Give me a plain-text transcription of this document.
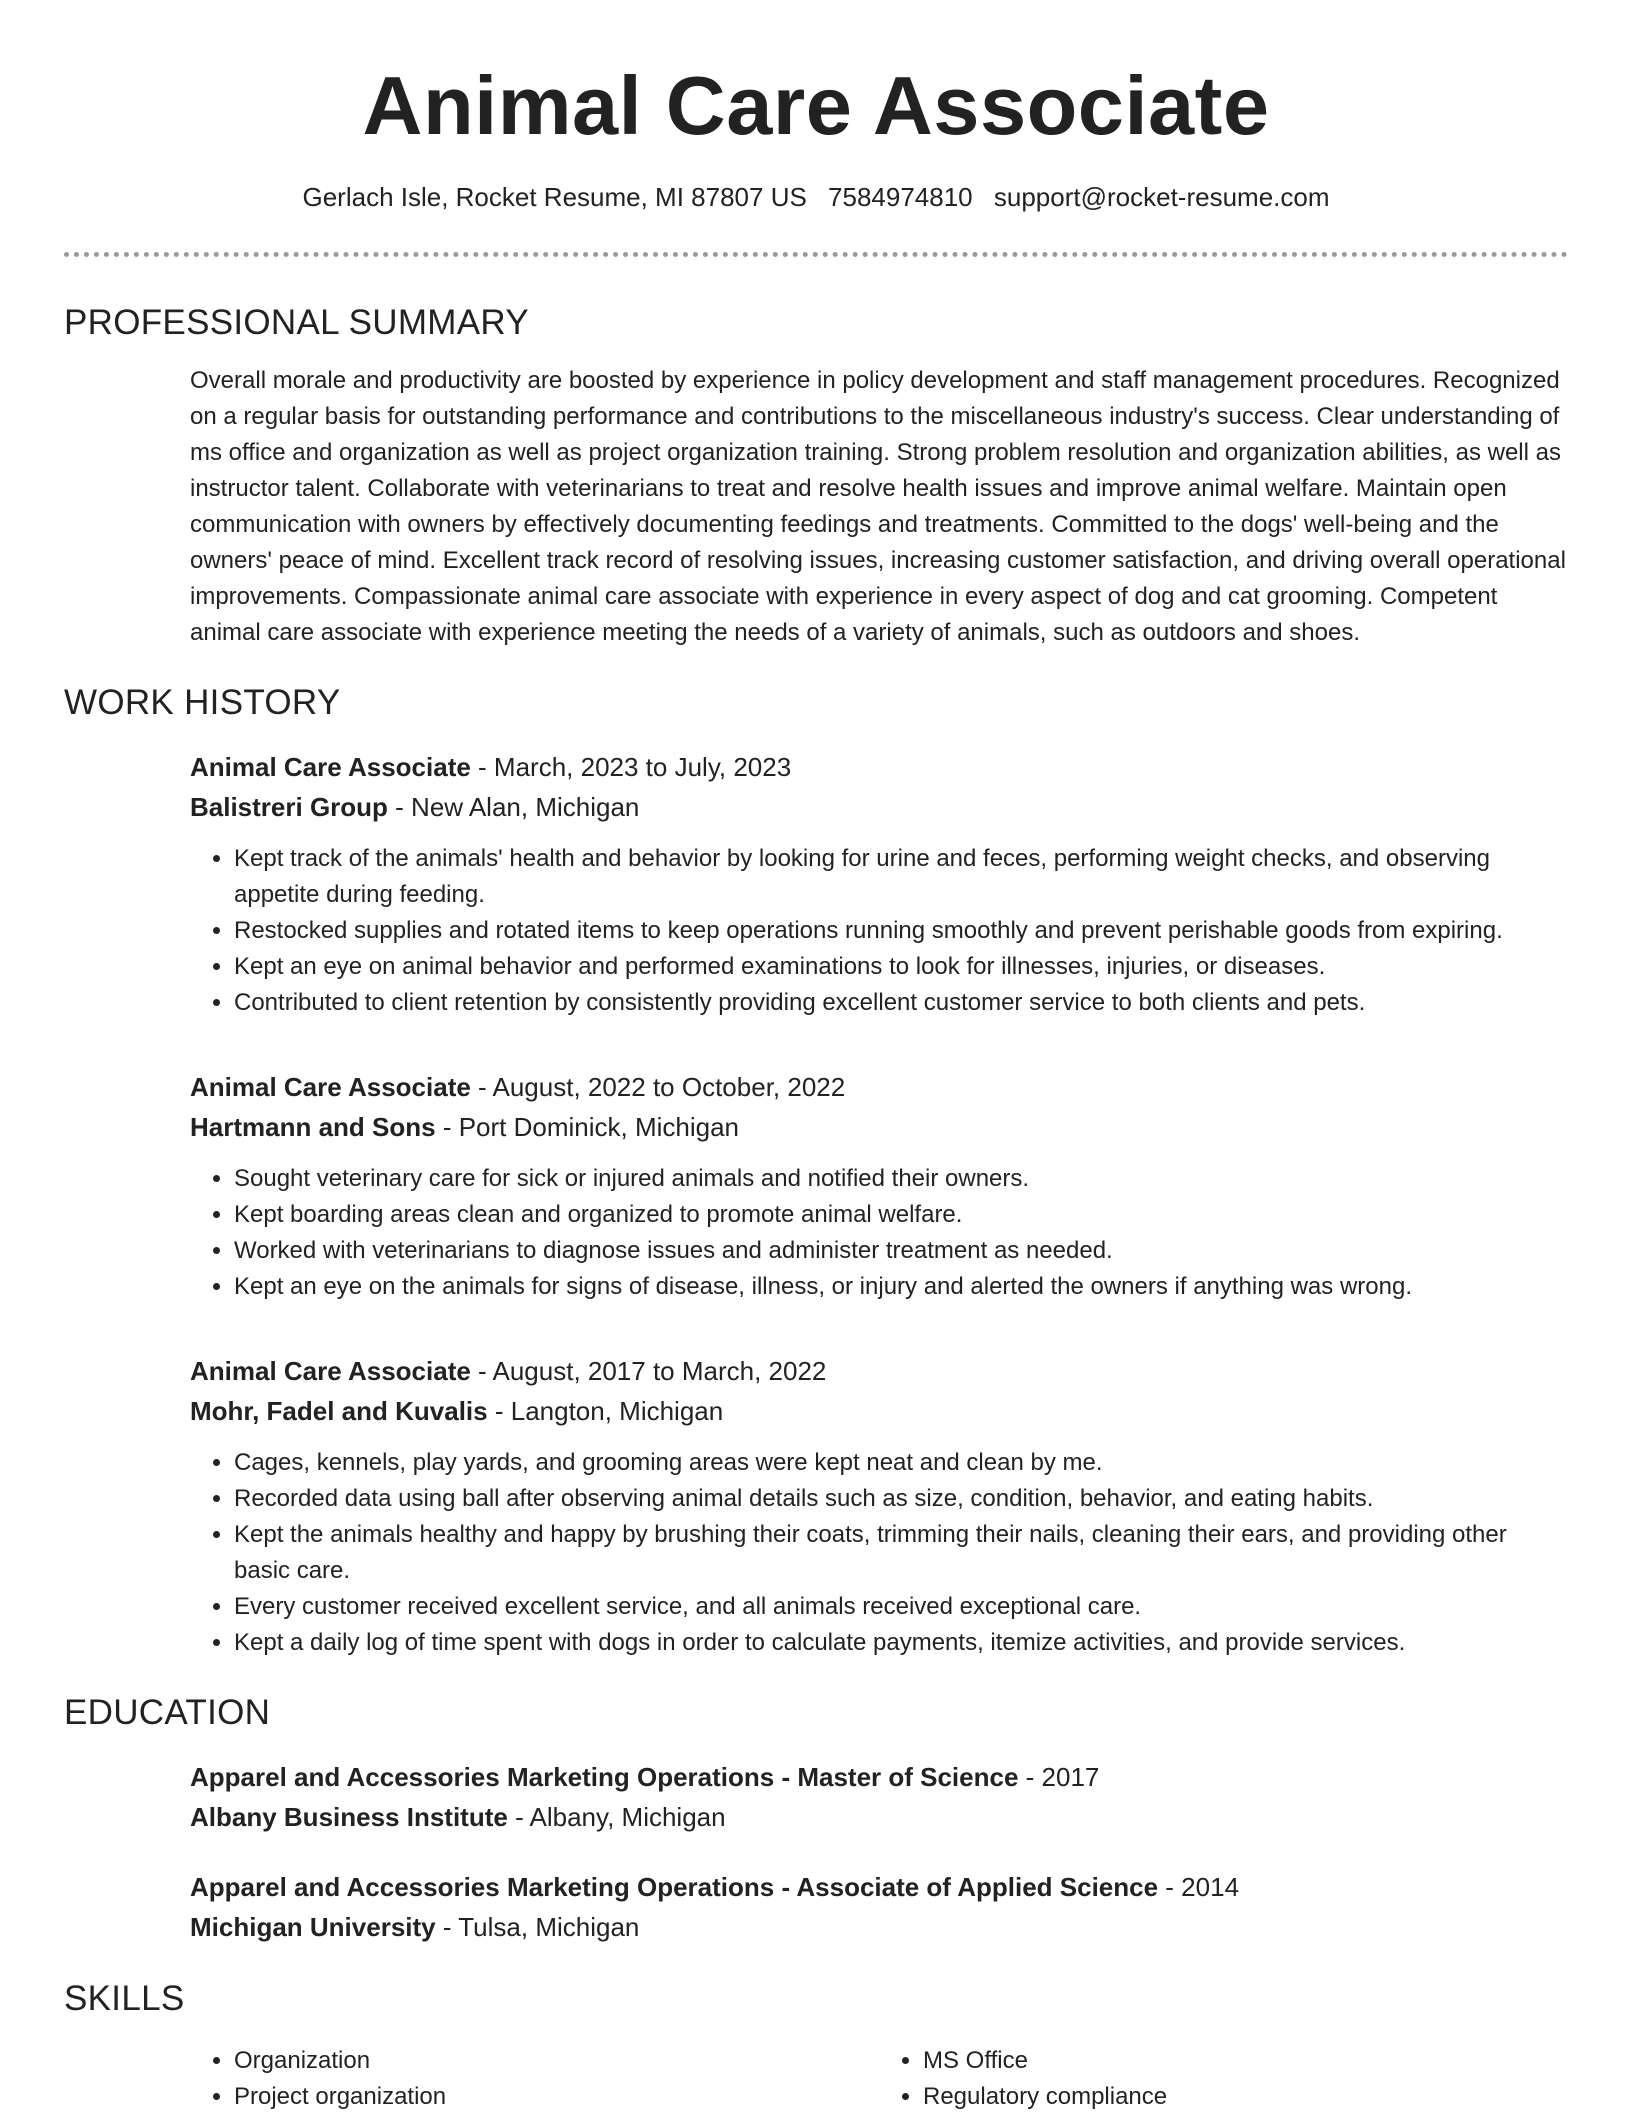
Animal Care Associate
Gerlach Isle, Rocket Resume, MI 87807 US 7584974810 support@rocket-resume.com
PROFESSIONAL SUMMARY

Overall morale and productivity are boosted by experience in policy development and staff management procedures. Recognized on a regular basis for outstanding performance and contributions to the miscellaneous industry's success. Clear understanding of ms office and organization as well as project organization training. Strong problem resolution and organization abilities, as well as instructor talent. Collaborate with veterinarians to treat and resolve health issues and improve animal welfare. Maintain open communication with owners by effectively documenting feedings and treatments. Committed to the dogs' well-being and the owners' peace of mind. Excellent track record of resolving issues, increasing customer satisfaction, and driving overall operational improvements. Compassionate animal care associate with experience in every aspect of dog and cat grooming. Competent animal care associate with experience meeting the needs of a variety of animals, such as outdoors and shoes.

WORK HISTORY
Animal Care Associate - March, 2023 to July, 2023
Balistreri Group - New Alan, Michigan
• Kept track of the animals' health and behavior by looking for urine and feces, performing weight checks, and observing appetite during feeding.
• Restocked supplies and rotated items to keep operations running smoothly and prevent perishable goods from expiring.
• Kept an eye on animal behavior and performed examinations to look for illnesses, injuries, or diseases.
• Contributed to client retention by consistently providing excellent customer service to both clients and pets.
Animal Care Associate - August, 2022 to October, 2022
Hartmann and Sons - Port Dominick, Michigan
• Sought veterinary care for sick or injured animals and notified their owners.
• Kept boarding areas clean and organized to promote animal welfare.
• Worked with veterinarians to diagnose issues and administer treatment as needed.
• Kept an eye on the animals for signs of disease, illness, or injury and alerted the owners if anything was wrong.
Animal Care Associate - August, 2017 to March, 2022
Mohr, Fadel and Kuvalis - Langton, Michigan
• Cages, kennels, play yards, and grooming areas were kept neat and clean by me.
• Recorded data using ball after observing animal details such as size, condition, behavior, and eating habits.
• Kept the animals healthy and happy by brushing their coats, trimming their nails, cleaning their ears, and providing other basic care.
• Every customer received excellent service, and all animals received exceptional care.
• Kept a daily log of time spent with dogs in order to calculate payments, itemize activities, and provide services.
EDUCATION
Apparel and Accessories Marketing Operations - Master of Science - 2017
Albany Business Institute - Albany, Michigan
Apparel and Accessories Marketing Operations - Associate of Applied Science - 2014
Michigan University - Tulsa, Michigan
SKILLS
• Organization
• Project organization
• MS Office
• Regulatory compliance
